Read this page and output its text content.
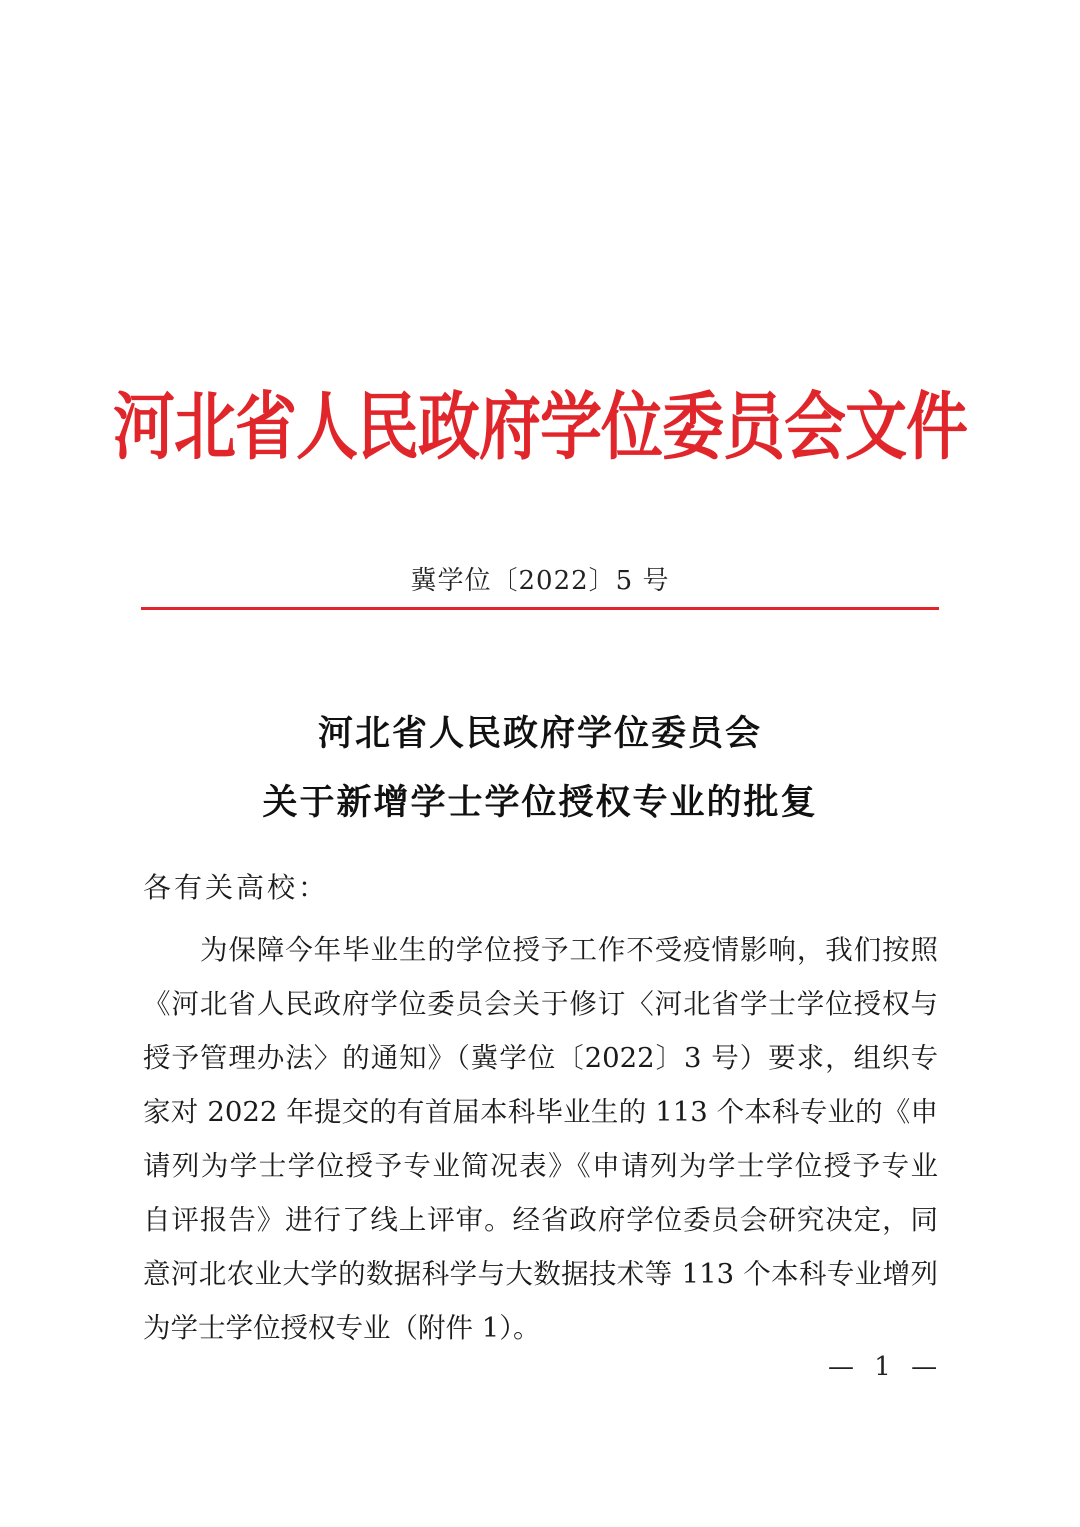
河北省人民政府学位委员会文件
冀学位〔2022〕5 号
河北省人民政府学位委员会
关于新增学士学位授权专业的批复
各有关高校：
为保障今年毕业生的学位授予工作不受疫情影响，我们按照
《河北省人民政府学位委员会关于修订〈河北省学士学位授权与
授予管理办法〉的通知》（冀学位〔2022〕3 号）要求，组织专
家对 2022 年提交的有首届本科毕业生的 113 个本科专业的《申
请列为学士学位授予专业简况表》《申请列为学士学位授予专业
自评报告》进行了线上评审。经省政府学位委员会研究决定，同
意河北农业大学的数据科学与大数据技术等 113 个本科专业增列
为学士学位授权专业（附件 1）。
— 1 —
